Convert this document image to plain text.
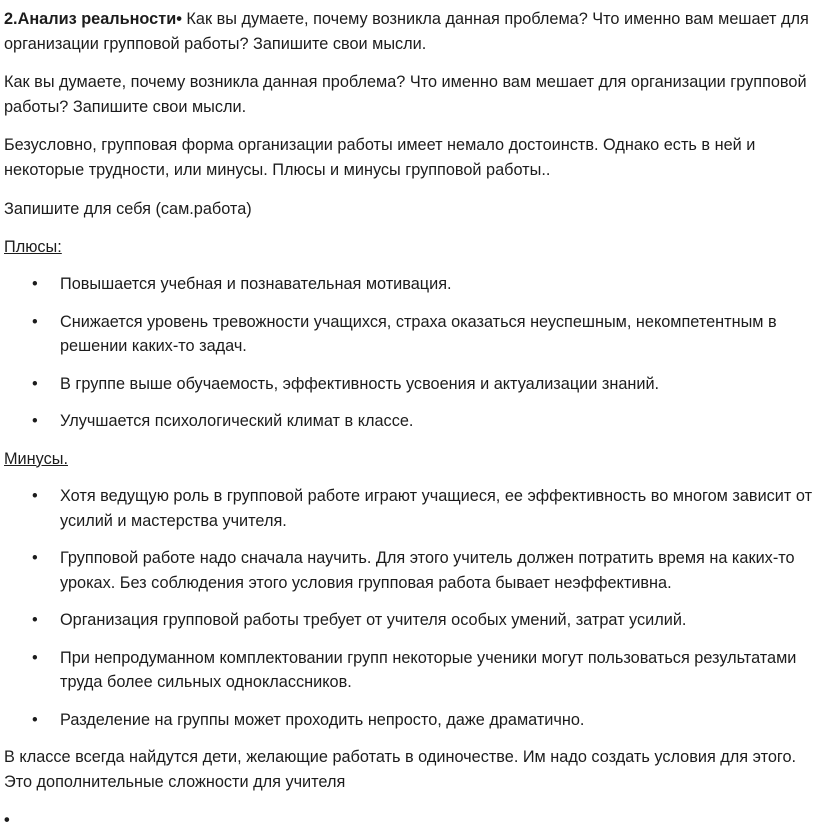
2.Анализ реальности• Как вы думаете, почему возникла данная проблема? Что именно вам мешает для организации групповой работы? Запишите свои мысли.

Как вы думаете, почему возникла данная проблема? Что именно вам мешает для организации групповой работы? Запишите свои мысли.

Безусловно, групповая форма организации работы имеет немало достоинств. Однако есть в ней и некоторые трудности, или минусы. Плюсы и минусы групповой работы..

Запишите для себя (сам.работа)

Плюсы:

•	Повышается учебная и познавательная мотивация.
•	Снижается уровень тревожности учащихся, страха оказаться неуспешным, некомпетентным в решении каких-то задач.
•	В группе выше обучаемость, эффективность усвоения и актуализации знаний.
•	Улучшается психологический климат в классе.

Минусы.

•	Хотя ведущую роль в групповой работе играют учащиеся, ее эффективность во многом зависит от усилий и мастерства учителя.
•	Групповой работе надо сначала научить. Для этого учитель должен потратить время на каких-то уроках. Без соблюдения этого условия групповая работа бывает неэффективна.
•	Организация групповой работы требует от учителя особых умений, затрат усилий.
•	При непродуманном комплектовании групп некоторые ученики могут пользоваться результатами труда более сильных одноклассников.
•	Разделение на группы может проходить непросто, даже драматично.

В классе всегда найдутся дети, желающие работать в одиночестве. Им надо создать условия для этого. Это дополнительные сложности для учителя

•
